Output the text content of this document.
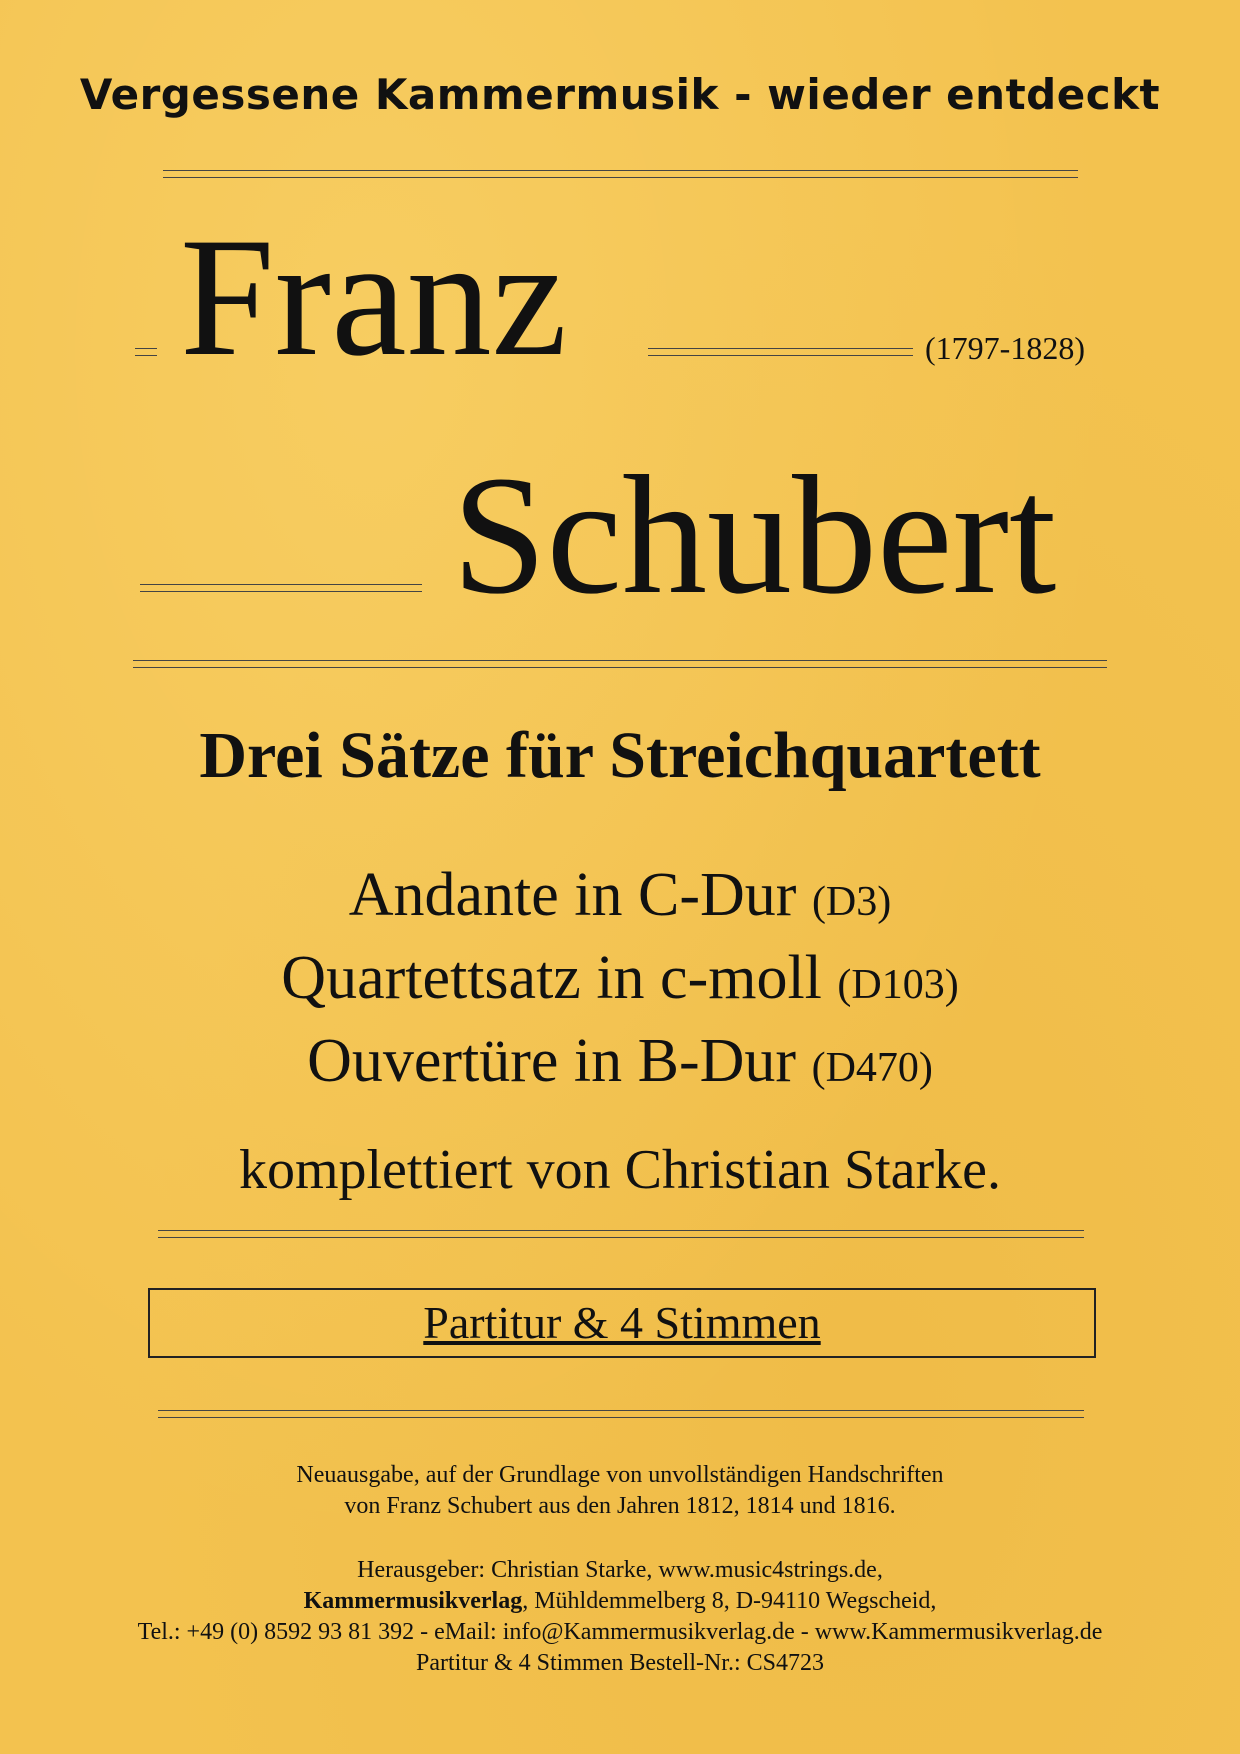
Vergessene Kammermusik - wieder entdeckt
Franz	(1797-1828)
Schubert
Drei Sätze für Streichquartett
Andante in C-Dur (D3)
Quartettsatz in c-moll (D103)
Ouvertüre in B-Dur (D470)
komplettiert von Christian Starke.
Partitur & 4 Stimmen
Neuausgabe, auf der Grundlage von unvollständigen Handschriften
von Franz Schubert aus den Jahren 1812, 1814 und 1816.
Herausgeber: Christian Starke, www.music4strings.de,
Kammermusikverlag, Mühldemmelberg 8, D-94110 Wegscheid,
Tel.: +49 (0) 8592 93 81 392 - eMail: info@Kammermusikverlag.de - www.Kammermusikverlag.de
Partitur & 4 Stimmen Bestell-Nr.: CS4723
